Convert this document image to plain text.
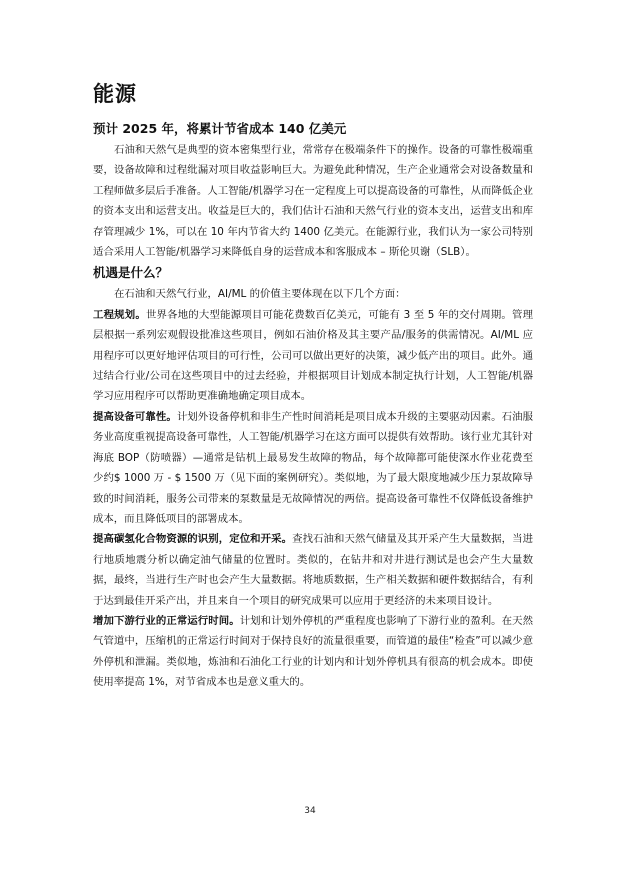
能源

预计 2025 年，将累计节省成本 140 亿美元

石油和天然气是典型的资本密集型行业，常常存在极端条件下的操作。设备的可靠性极端重要，设备故障和过程纰漏对项目收益影响巨大。为避免此种情况，生产企业通常会对设备数量和工程师做多层后手准备。人工智能/机器学习在一定程度上可以提高设备的可靠性，从而降低企业的资本支出和运营支出。收益是巨大的，我们估计石油和天然气行业的资本支出，运营支出和库存管理减少 1%，可以在 10 年内节省大约 1400 亿美元。在能源行业，我们认为一家公司特别适合采用人工智能/机器学习来降低自身的运营成本和客服成本 – 斯伦贝谢（SLB）。

机遇是什么？

在石油和天然气行业，AI/ML 的价值主要体现在以下几个方面：

工程规划。世界各地的大型能源项目可能花费数百亿美元，可能有 3 至 5 年的交付周期。管理层根据一系列宏观假设批准这些项目，例如石油价格及其主要产品/服务的供需情况。AI/ML 应用程序可以更好地评估项目的可行性，公司可以做出更好的决策，减少低产出的项目。此外。通过结合行业/公司在这些项目中的过去经验，并根据项目计划成本制定执行计划，人工智能/机器学习应用程序可以帮助更准确地确定项目成本。

提高设备可靠性。计划外设备停机和非生产性时间消耗是项目成本升级的主要驱动因素。石油服务业高度重视提高设备可靠性，人工智能/机器学习在这方面可以提供有效帮助。该行业尤其针对海底 BOP（防喷器）—通常是钻机上最易发生故障的物品，每个故障都可能使深水作业花费至少约$ 1000 万 - $ 1500 万（见下面的案例研究）。类似地，为了最大限度地减少压力泵故障导致的时间消耗，服务公司带来的泵数量是无故障情况的两倍。提高设备可靠性不仅降低设备维护成本，而且降低项目的部署成本。

提高碳氢化合物资源的识别，定位和开采。查找石油和天然气储量及其开采产生大量数据，当进行地质地震分析以确定油气储量的位置时。类似的，在钻井和对井进行测试是也会产生大量数据，最终，当进行生产时也会产生大量数据。将地质数据，生产相关数据和硬件数据结合，有利于达到最佳开采产出，并且来自一个项目的研究成果可以应用于更经济的未来项目设计。

增加下游行业的正常运行时间。计划和计划外停机的严重程度也影响了下游行业的盈利。在天然气管道中，压缩机的正常运行时间对于保持良好的流量很重要，而管道的最佳“检查”可以减少意外停机和泄漏。类似地，炼油和石油化工行业的计划内和计划外停机具有很高的机会成本。即使使用率提高 1%，对节省成本也是意义重大的。

34
